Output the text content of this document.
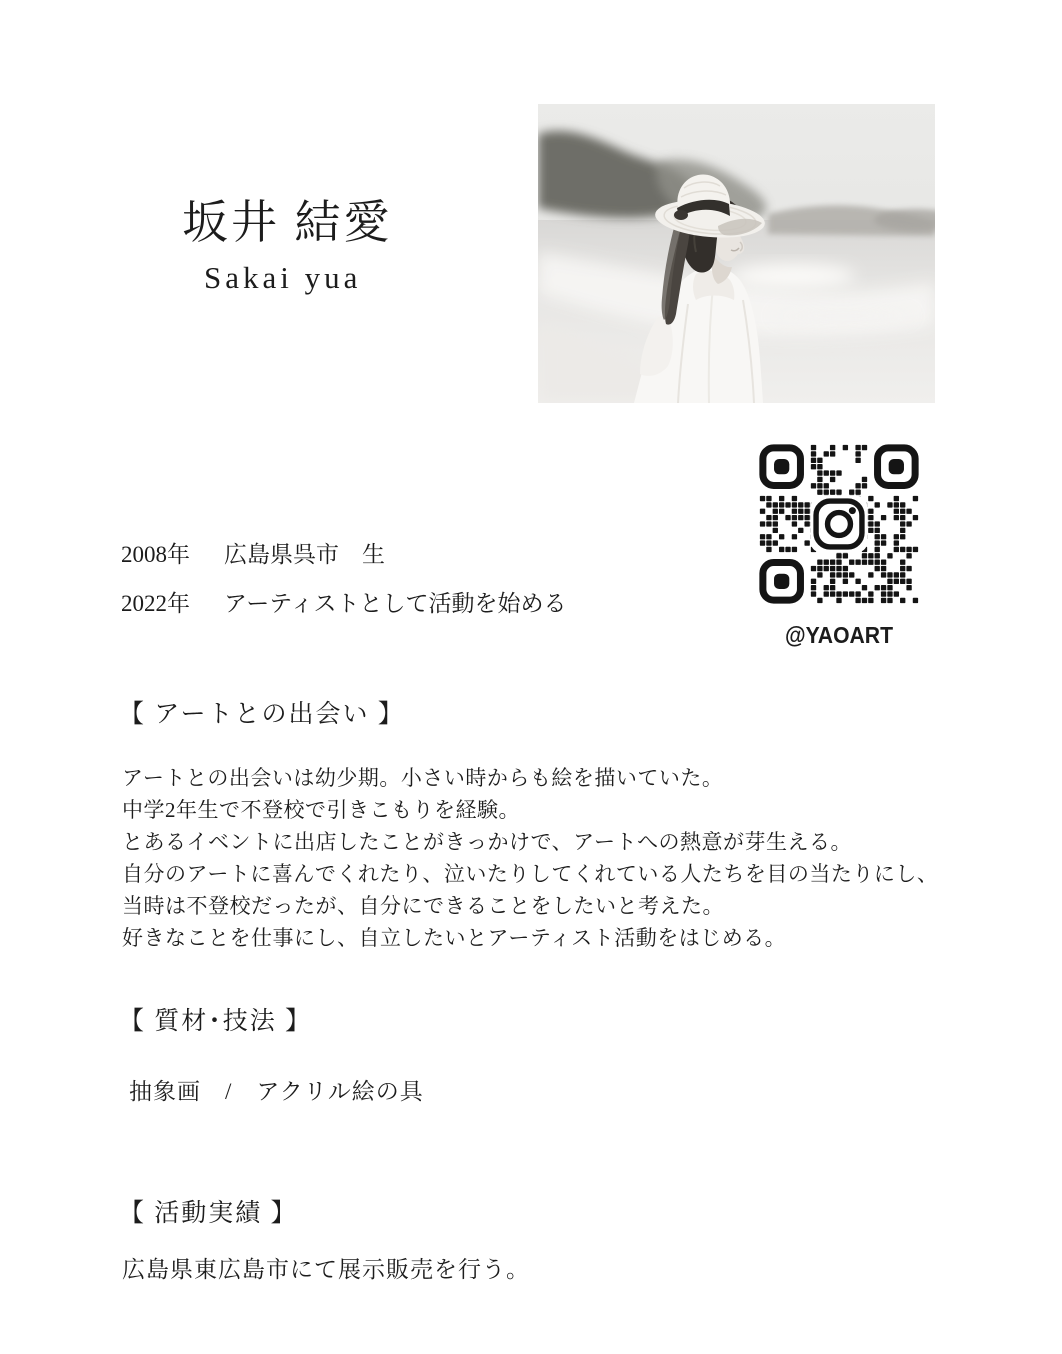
坂井 結愛
Sakai yua
@YAOART
2008年 広島県呉市　生
2022年 アーティストとして活動を始める
【 アートとの出会い 】
アートとの出会いは幼少期。小さい時からも絵を描いていた。
中学2年生で不登校で引きこもりを経験。
とあるイベントに出店したことがきっかけで、アートへの熱意が芽生える。
自分のアートに喜んでくれたり、泣いたりしてくれている人たちを目の当たりにし、
当時は不登校だったが、自分にできることをしたいと考えた。
好きなことを仕事にし、自立したいとアーティスト活動をはじめる。
【 質材･技法 】
抽象画　/　アクリル絵の具
【 活動実績 】
広島県東広島市にて展示販売を行う。
